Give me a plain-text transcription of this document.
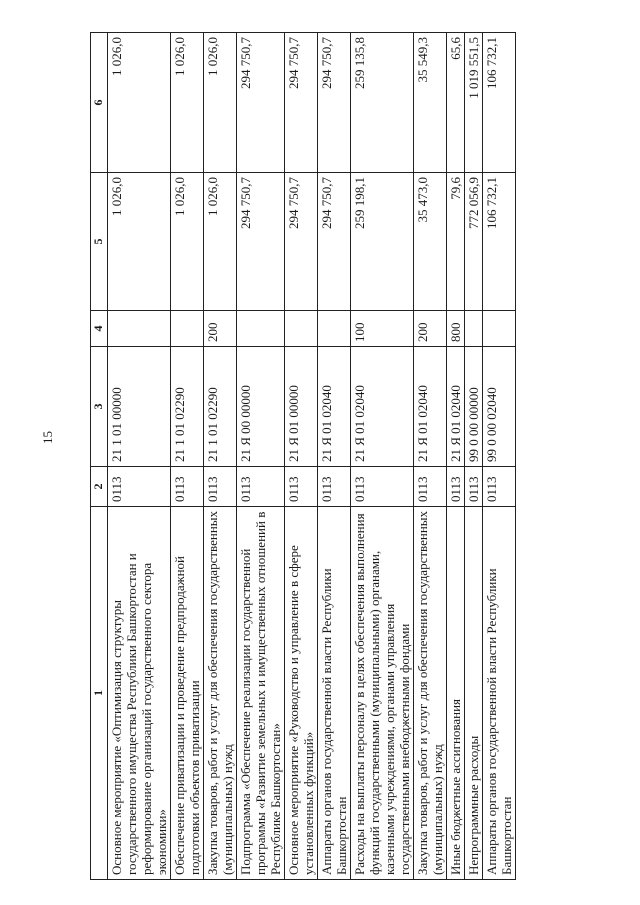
15
1	2	3	4	5	6
Основное мероприятие «Оптимизация структуры государственного имущества Республики Башкортостан и реформирование организаций государственного сектора экономики»	0113	21 1 01 00000		1 026,0	1 026,0
Обеспечение приватизации и проведение предпродажной подготовки объектов приватизации	0113	21 1 01 02290		1 026,0	1 026,0
Закупка товаров, работ и услуг для обеспечения государственных (муниципальных) нужд	0113	21 1 01 02290	200	1 026,0	1 026,0
Подпрограмма «Обеспечение реализации государственной программы «Развитие земельных и имущественных отношений в Республике Башкортостан»	0113	21 Я 00 00000		294 750,7	294 750,7
Основное мероприятие «Руководство и управление в сфере установленных функций»	0113	21 Я 01 00000		294 750,7	294 750,7
Аппараты органов государственной власти Республики Башкортостан	0113	21 Я 01 02040		294 750,7	294 750,7
Расходы на выплаты персоналу в целях обеспечения выполнения функций государственными (муниципальными) органами, казенными учреждениями, органами управления государственными внебюджетными фондами	0113	21 Я 01 02040	100	259 198,1	259 135,8
Закупка товаров, работ и услуг для обеспечения государственных (муниципальных) нужд	0113	21 Я 01 02040	200	35 473,0	35 549,3
Иные бюджетные ассигнования	0113	21 Я 01 02040	800	79,6	65,6
Непрограммные расходы	0113	99 0 00 00000		772 056,9	1 019 551,5
Аппараты органов государственной власти Республики Башкортостан	0113	99 0 00 02040		106 732,1	106 732,1
